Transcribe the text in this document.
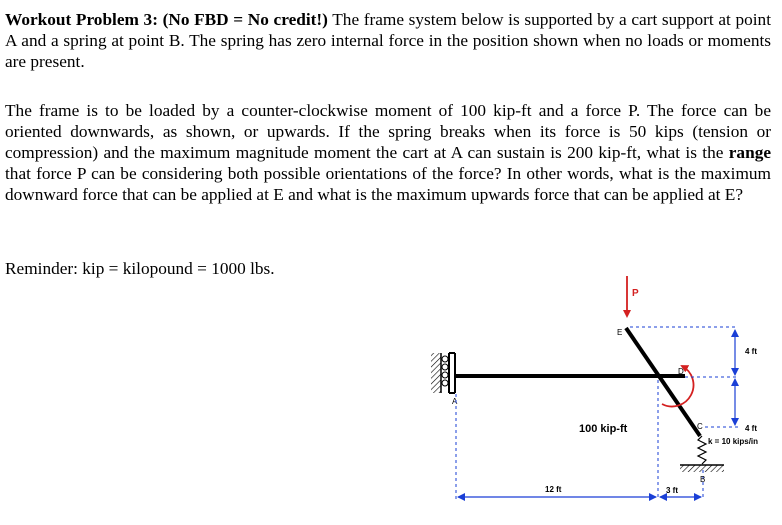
Workout Problem 3: (No FBD = No credit!) The frame system below is supported by a cart support at point A and a spring at point B. The spring has zero internal force in the position shown when no loads or moments are present.

The frame is to be loaded by a counter-clockwise moment of 100 kip-ft and a force P. The force can be oriented downwards, as shown, or upwards. If the spring breaks when its force is 50 kips (tension or compression) and the maximum magnitude moment the cart at A can sustain is 200 kip-ft, what is the range that force P can be considering both possible orientations of the force? In other words, what is the maximum downward force that can be applied at E and what is the maximum upwards force that can be applied at E?

Reminder: kip = kilopound = 1000 lbs.

E
D
C
A
P
100 kip-ft
4 ft
4 ft
k = 10 kips/in
B
12 ft	3 ft
